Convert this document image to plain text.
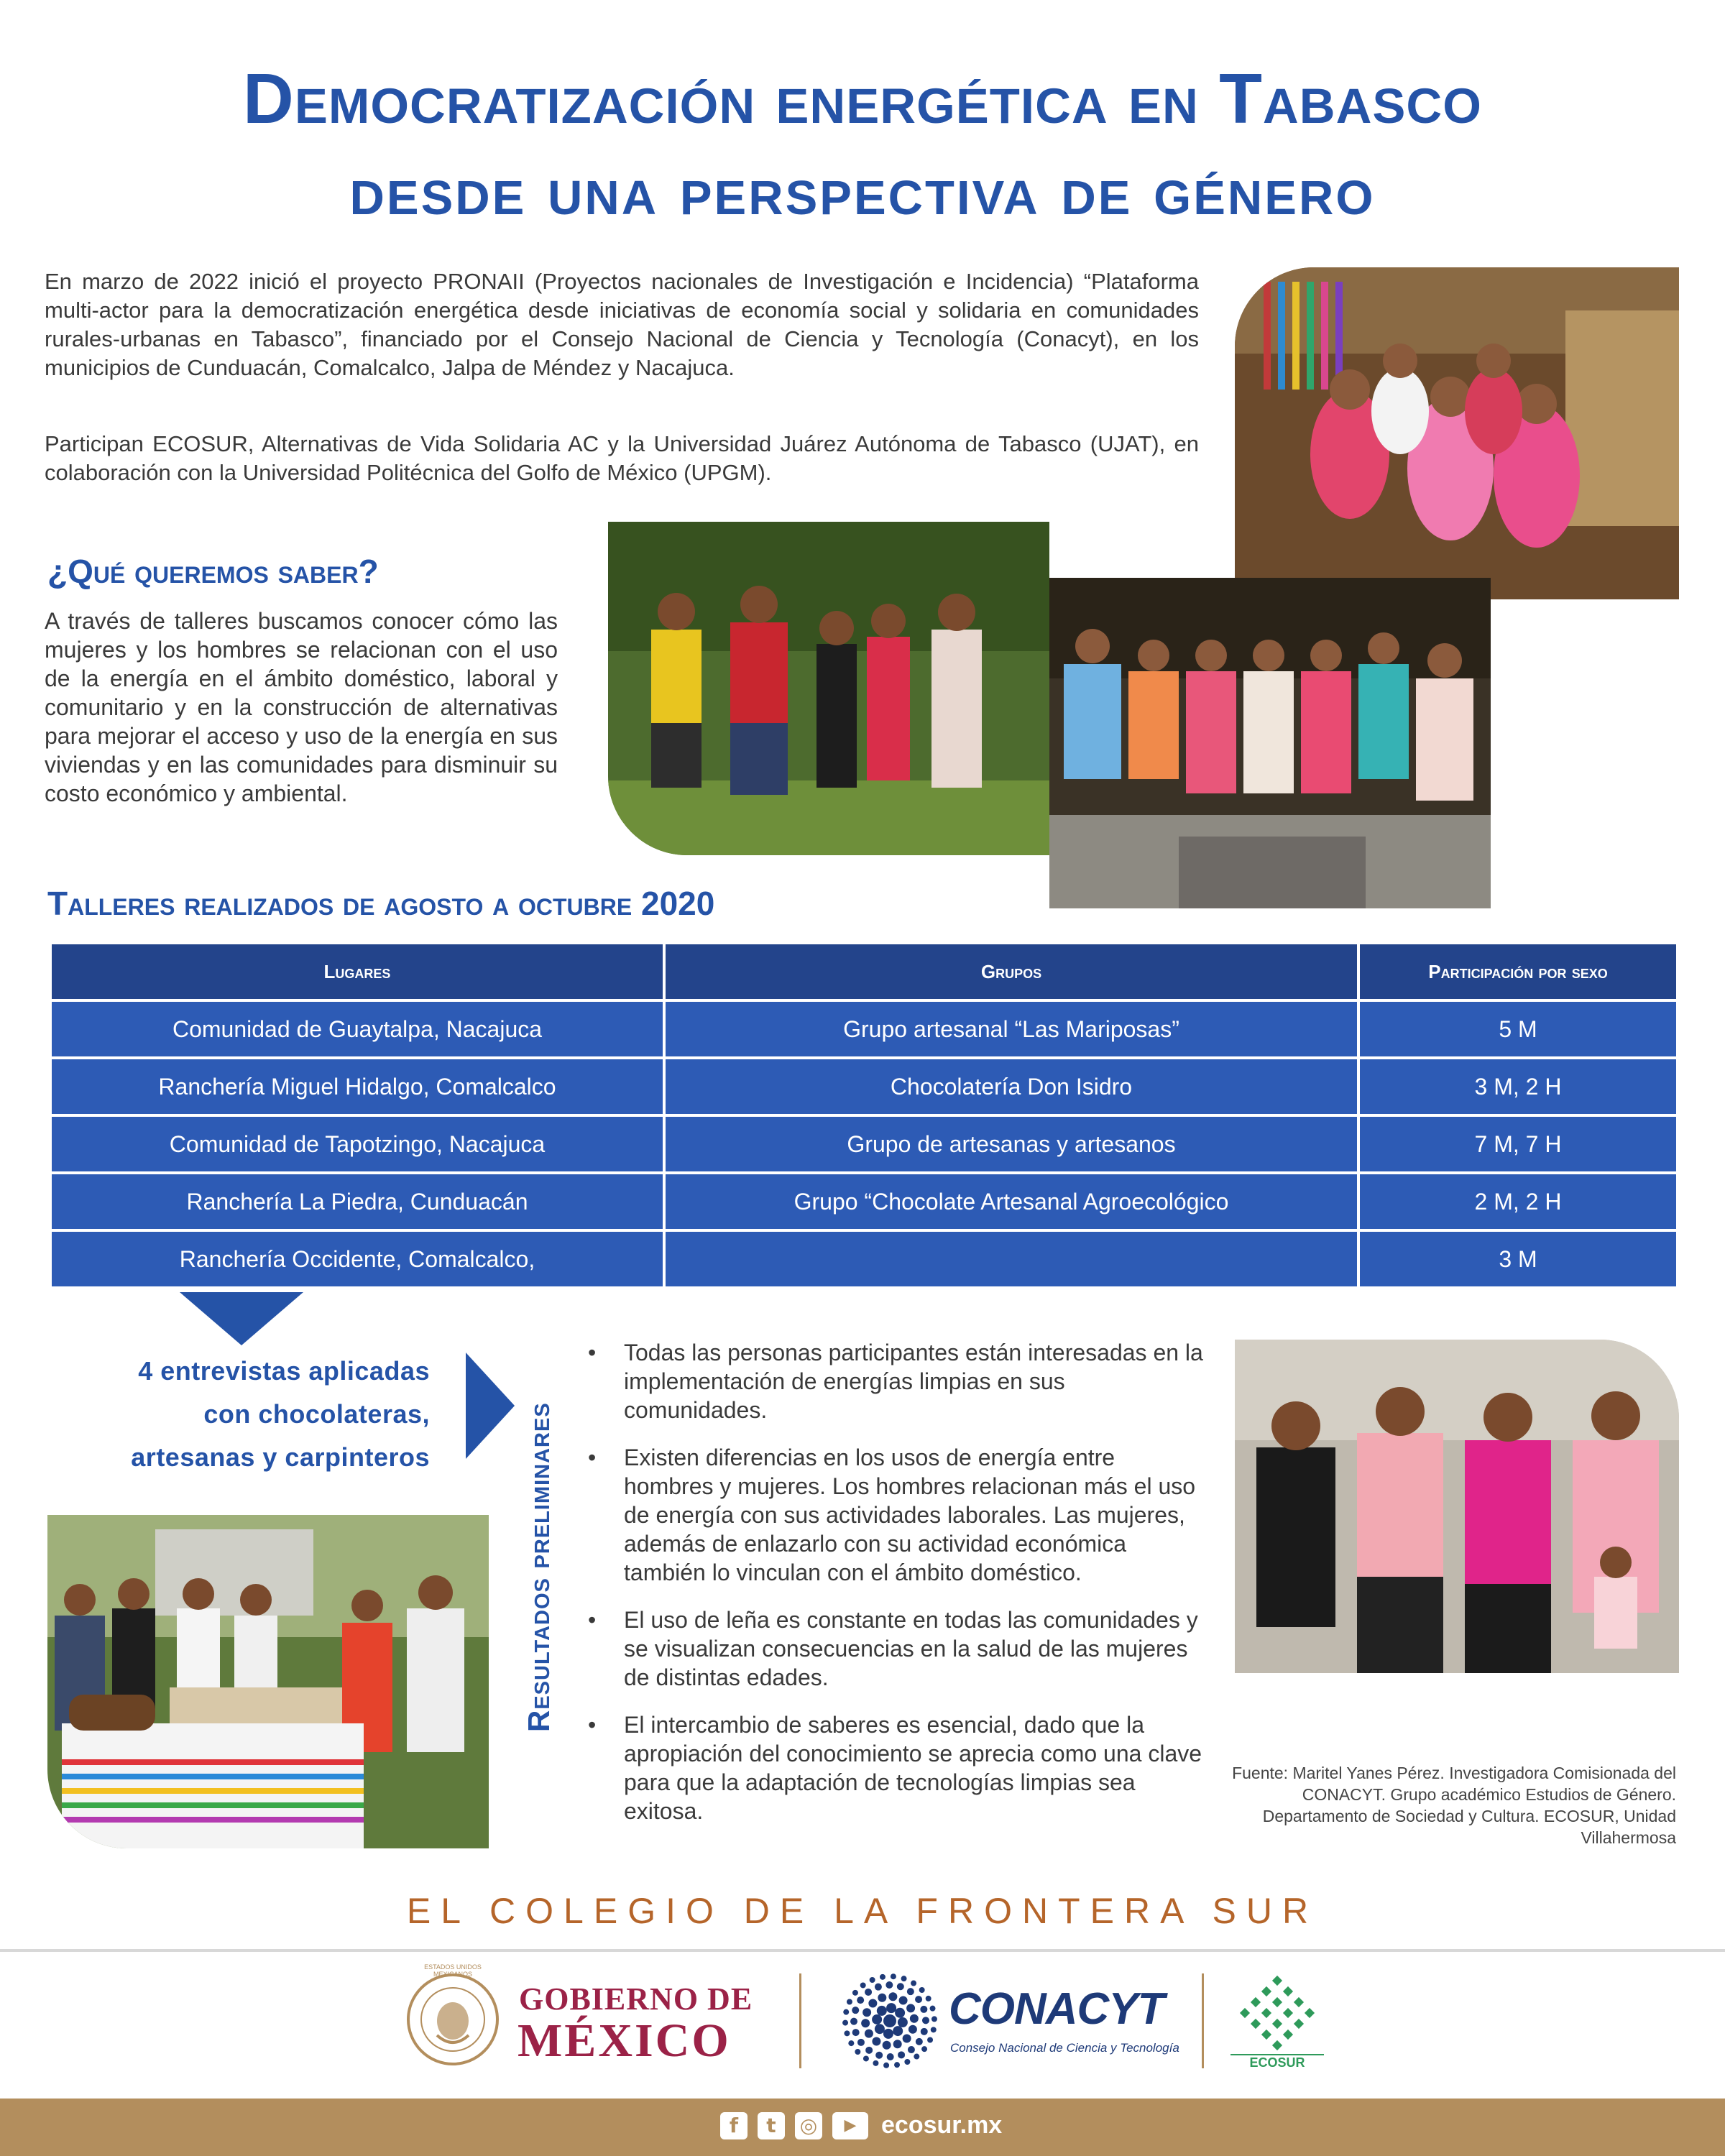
Democratización energética en Tabasco
desde una perspectiva de género

En marzo de 2022 inició el proyecto PRONAII (Proyectos nacionales de Investigación e Incidencia) “Plataforma multi-actor para la democratización energética desde iniciativas de economía social y solidaria en comunidades rurales-urbanas en Tabasco”, financiado por el Consejo Nacional de Ciencia y Tecnología (Conacyt), en los municipios de Cunduacán, Comalcalco, Jalpa de Méndez y Nacajuca.

Participan ECOSUR, Alternativas de Vida Solidaria AC y la Universidad Juárez Autónoma de Tabasco (UJAT), en colaboración con la Universidad Politécnica del Golfo de México (UPGM).

¿Qué queremos saber?

A través de talleres buscamos conocer cómo las mujeres y los hombres se relacionan con el uso de la energía en el ámbito doméstico, laboral y comunitario y en la construcción de alternativas para mejorar el acceso y uso de la energía en sus viviendas y en las comunidades para disminuir su costo económico y ambiental.

Talleres realizados de agosto a octubre 2020
Lugares	Grupos	Participación por sexo
Comunidad de Guaytalpa, Nacajuca	Grupo artesanal “Las Mariposas”	5 M
Ranchería Miguel Hidalgo, Comalcalco	Chocolatería Don Isidro	3 M, 2 H
Comunidad de Tapotzingo, Nacajuca	Grupo de artesanas y artesanos	7 M, 7 H
Ranchería La Piedra, Cunduacán	Grupo “Chocolate Artesanal Agroecológico	2 M, 2 H
Ranchería Occidente, Comalcalco,		3 M
4 entrevistas aplicadas
con chocolateras,
artesanas y carpinteros	Resultados preliminares
• Todas las personas participantes están interesadas en la implementación de energías limpias en sus comunidades.
• Existen diferencias en los usos de energía entre hombres y mujeres. Los hombres relacionan más el uso de energía con sus actividades laborales. Las mujeres, además de enlazarlo con su actividad económica también lo vinculan con el ámbito doméstico.
• El uso de leña es constante en todas las comunidades y se visualizan consecuencias en la salud de las mujeres de distintas edades.
• El intercambio de saberes es esencial, dado que la apropiación del conocimiento se aprecia como una clave para que la adaptación de tecnologías limpias sea exitosa.

Fuente: Maritel Yanes Pérez. Investigadora Comisionada del CONACYT. Grupo académico Estudios de Género. Departamento de Sociedad y Cultura. ECOSUR, Unidad Villahermosa

EL COLEGIO DE LA FRONTERA SUR
ESTADOS UNIDOS MEXICANOS
GOBIERNO DE
MÉXICO
CONACYT
Consejo Nacional de Ciencia y Tecnología
ECOSUR
f	t	◎	▶	ecosur.mx
